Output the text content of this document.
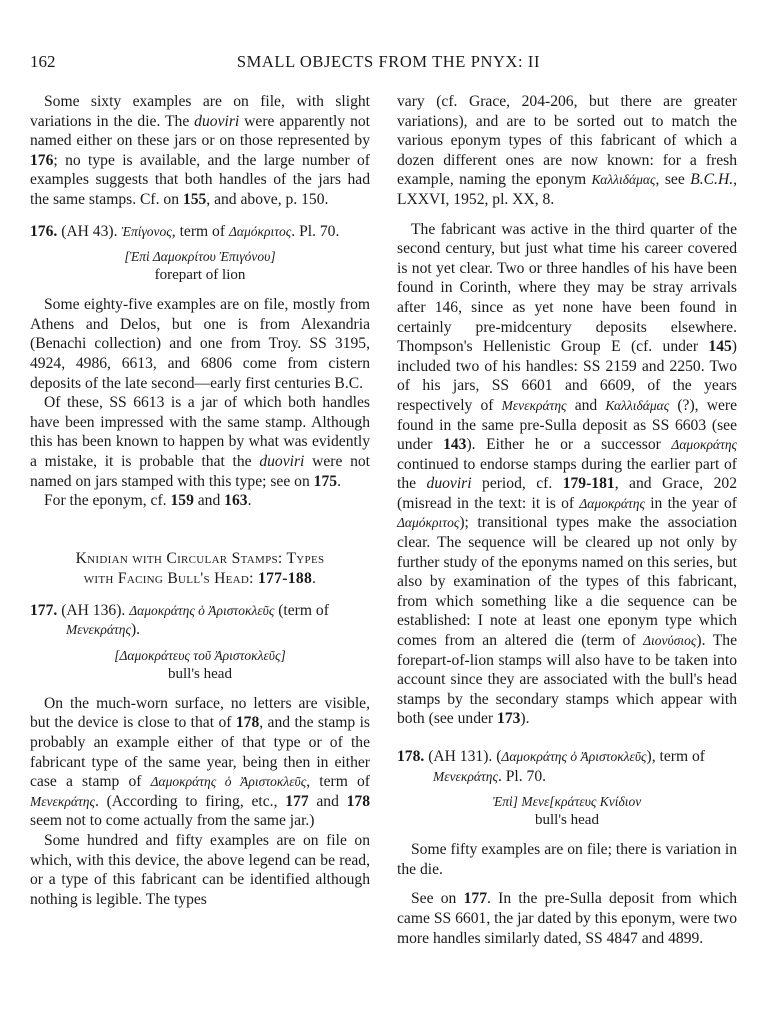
162	SMALL OBJECTS FROM THE PNYX: II

Some sixty examples are on file, with slight variations in the die. The duoviri were apparently not named either on these jars or on those represented by 176; no type is available, and the large number of examples suggests that both handles of the jars had the same stamps. Cf. on 155, and above, p. 150.

176. (AH 43). Ἐπίγονος, term of Δαμόκριτος. Pl. 70.

[Ἐπὶ Δαμοκρίτου Ἐπιγόνου]
forepart of lion

Some eighty-five examples are on file, mostly from Athens and Delos, but one is from Alexandria (Benachi collection) and one from Troy. SS 3195, 4924, 4986, 6613, and 6806 come from cistern deposits of the late second—early first centuries B.C.

Of these, SS 6613 is a jar of which both handles have been impressed with the same stamp. Although this has been known to happen by what was evidently a mistake, it is probable that the duoviri were not named on jars stamped with this type; see on 175.

For the eponym, cf. 159 and 163.

Knidian with Circular Stamps: Types
with Facing Bull's Head: 177-188.

177. (AH 136). Δαμοκράτης ὁ Ἀριστοκλεῦς (term of Μενεκράτης).

[Δαμοκράτευς τοῦ Ἀριστοκλεῦς]
bull's head

On the much-worn surface, no letters are visible, but the device is close to that of 178, and the stamp is probably an example either of that type or of the fabricant type of the same year, being then in either case a stamp of Δαμοκράτης ὁ Ἀριστοκλεῦς, term of Μενεκράτης. (According to firing, etc., 177 and 178 seem not to come actually from the same jar.)

Some hundred and fifty examples are on file on which, with this device, the above legend can be read, or a type of this fabricant can be identified although nothing is legible. The types

vary (cf. Grace, 204-206, but there are greater variations), and are to be sorted out to match the various eponym types of this fabricant of which a dozen different ones are now known: for a fresh example, naming the eponym Καλλιδάμας, see B.C.H., LXXVI, 1952, pl. XX, 8.

The fabricant was active in the third quarter of the second century, but just what time his career covered is not yet clear. Two or three handles of his have been found in Corinth, where they may be stray arrivals after 146, since as yet none have been found in certainly pre-midcentury deposits elsewhere. Thompson's Hellenistic Group E (cf. under 145) included two of his handles: SS 2159 and 2250. Two of his jars, SS 6601 and 6609, of the years respectively of Μενεκράτης and Καλλιδάμας (?), were found in the same pre-Sulla deposit as SS 6603 (see under 143). Either he or a successor Δαμοκράτης continued to endorse stamps during the earlier part of the duoviri period, cf. 179-181, and Grace, 202 (misread in the text: it is of Δαμοκράτης in the year of Δαμόκριτος); transitional types make the association clear. The sequence will be cleared up not only by further study of the eponyms named on this series, but also by examination of the types of this fabricant, from which something like a die sequence can be established: I note at least one eponym type which comes from an altered die (term of Διονύσιος). The forepart-of-lion stamps will also have to be taken into account since they are associated with the bull's head stamps by the secondary stamps which appear with both (see under 173).

178. (AH 131). (Δαμοκράτης ὁ Ἀριστοκλεῦς), term of Μενεκράτης. Pl. 70.

Ἐπὶ] Μενε[κράτευς Κνίδιον
bull's head

Some fifty examples are on file; there is variation in the die.

See on 177. In the pre-Sulla deposit from which came SS 6601, the jar dated by this eponym, were two more handles similarly dated, SS 4847 and 4899.
